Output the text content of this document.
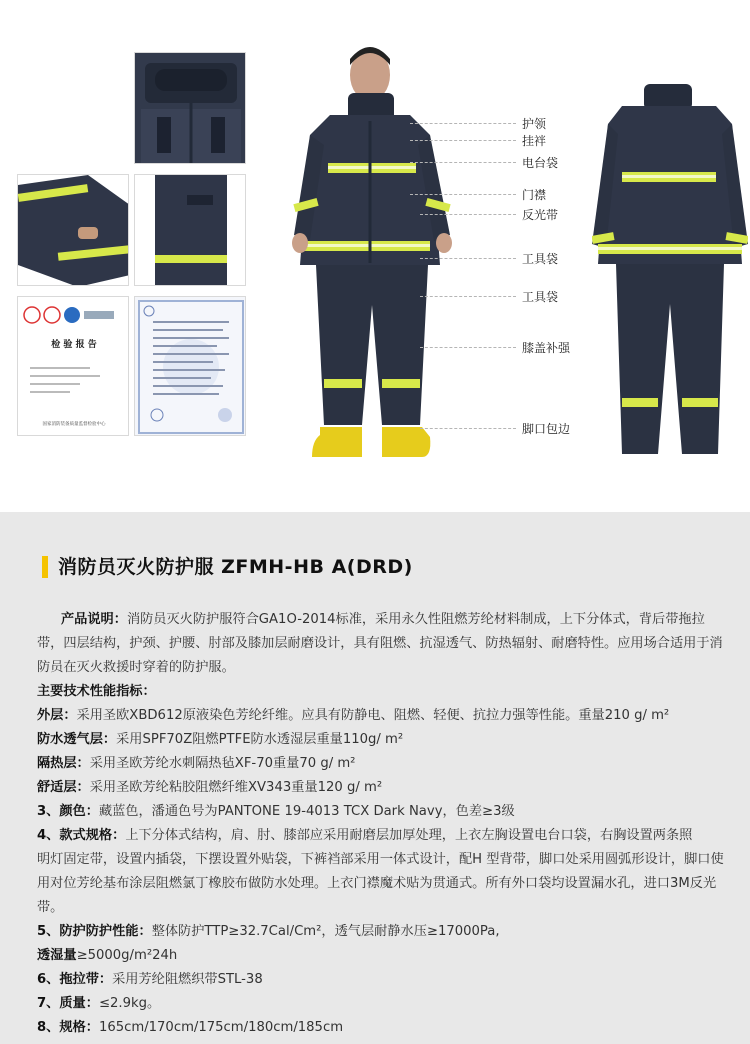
检 验 报 告
国家消防装备质量监督检验中心
护领
挂袢
电台袋
门襟
反光带
工具袋
工具袋
膝盖补强
脚口包边
消防员灭火防护服 ZFMH-HB A(DRD)
产品说明：消防员灭火防护服符合GA1O-2014标准，采用永久性阻燃芳纶材料制成，上下分体式，背后带拖拉
带，四层结构，护颈、护腰、肘部及膝加层耐磨设计，具有阻燃、抗湿透气、防热辐射、耐磨特性。应用场合适用于消
防员在灭火救援时穿着的防护服。
主要技术性能指标：
外层：采用圣欧XBD612原液染色芳纶纤维。应具有防静电、阻燃、轻便、抗拉力强等性能。重量210 g/ m²
防水透气层：采用SPF70Z阻燃PTFE防水透湿层重量110g/ m²
隔热层：采用圣欧芳纶水刺隔热毡XF-70重量70 g/ m²
舒适层：采用圣欧芳纶粘胶阻燃纤维XV343重量120 g/ m²
3、颜色：藏蓝色，潘通色号为PANTONE 19-4013 TCX Dark Navy，色差≥3级
4、款式规格：上下分体式结构，肩、肘、膝部应采用耐磨层加厚处理，上衣左胸设置电台口袋，右胸设置两条照
明灯固定带，设置内插袋，下摆设置外贴袋，下裤裆部采用一体式设计，配H 型背带，脚口处采用圆弧形设计，脚口使
用对位芳纶基布涂层阻燃氯丁橡胶布做防水处理。上衣门襟魔术贴为贯通式。所有外口袋均设置漏水孔，进口3M反光
带。
5、防护防护性能：整体防护TTP≥32.7Cal/Cm²，透气层耐静水压≥17000Pa,
透湿量≥5000g/m²24h
6、拖拉带：采用芳纶阻燃织带STL-38
7、质量：≤2.9kg。
8、规格：165cm/170cm/175cm/180cm/185cm
